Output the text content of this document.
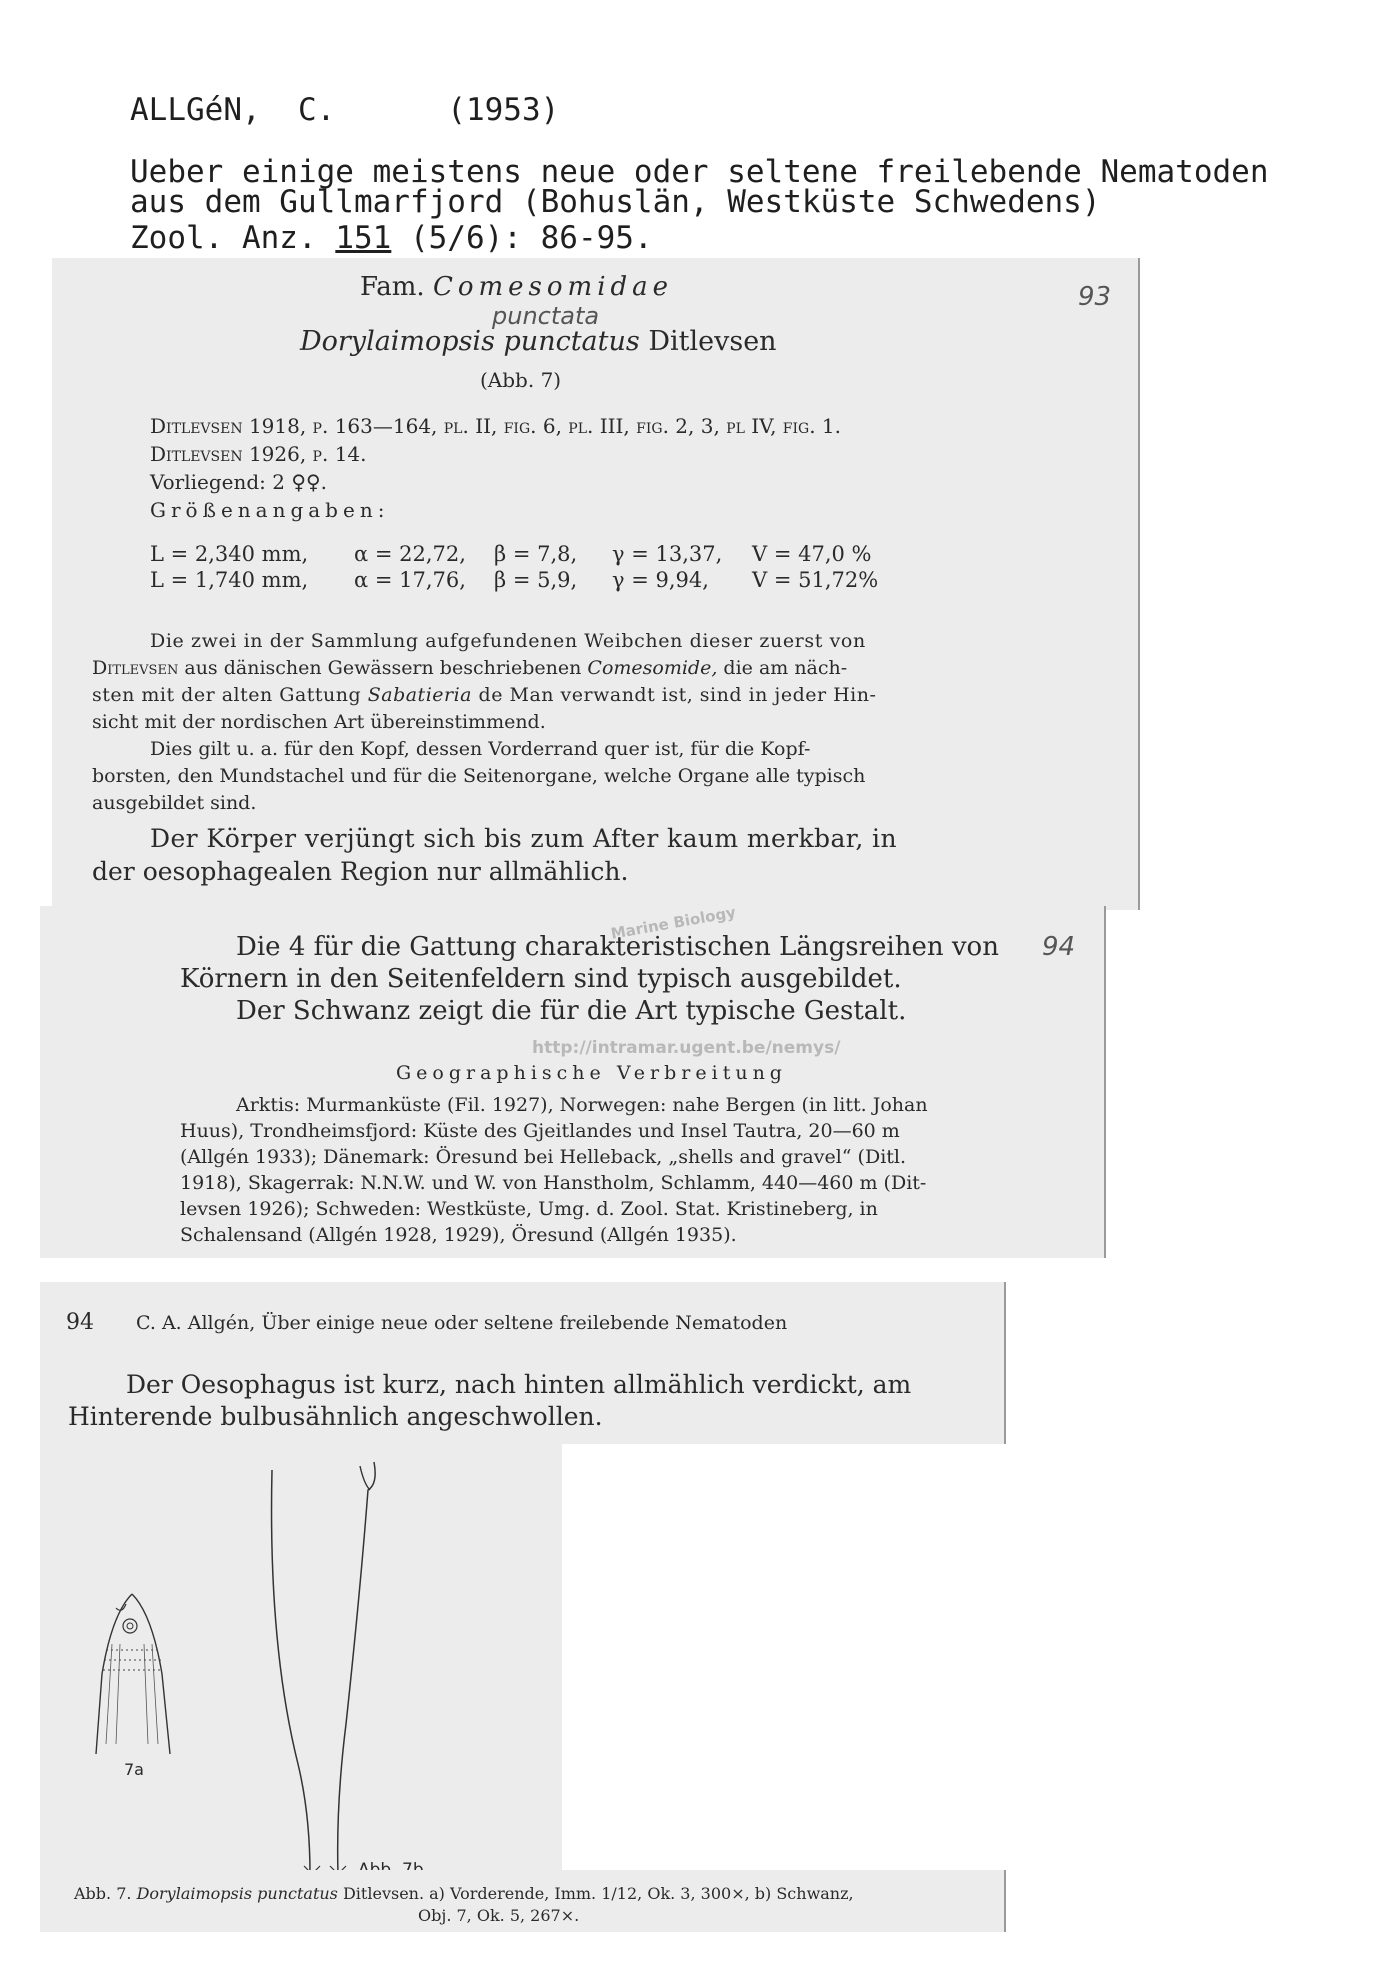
ALLGéN,  C.	(1953)
Ueber einige meistens neue oder seltene freilebende Nematoden
aus dem Gullmarfjord (Bohuslän, Westküste Schwedens)
Zool. Anz. 151 (5/6): 86-95.
Fam. Comesomidae
punctata
93
Dorylaimopsis punctatus Ditlevsen
(Abb. 7)
Ditlevsen 1918, p. 163—164, pl. II, fig. 6, pl. III, fig. 2, 3, pl IV, fig. 1.
Ditlevsen 1926, p. 14.
Vorliegend: 2 ♀♀.
Größenangaben:
L = 2,340 mm, α = 22,72, β = 7,8, γ = 13,37, V = 47,0 %
L = 1,740 mm, α = 17,76, β = 5,9, γ = 9,94, V = 51,72%
Die zwei in der Sammlung aufgefundenen Weibchen dieser zuerst von
Ditlevsen aus dänischen Gewässern beschriebenen Comesomide, die am näch-
sten mit der alten Gattung Sabatieria de Man verwandt ist, sind in jeder Hin-
sicht mit der nordischen Art übereinstimmend.
Dies gilt u. a. für den Kopf, dessen Vorderrand quer ist, für die Kopf-
borsten, den Mundstachel und für die Seitenorgane, welche Organe alle typisch
ausgebildet sind.
Der Körper verjüngt sich bis zum After kaum merkbar, in
der oesophagealen Region nur allmählich.
Marine Biology
Die 4 für die Gattung charakteristischen Längsreihen von 94
Körnern in den Seitenfeldern sind typisch ausgebildet.
Der Schwanz zeigt die für die Art typische Gestalt.
http://intramar.ugent.be/nemys/
Geographische Verbreitung
Arktis: Murmanküste (Fil. 1927), Norwegen: nahe Bergen (in litt. Johan
Huus), Trondheimsfjord: Küste des Gjeitlandes und Insel Tautra, 20—60 m
(Allgén 1933); Dänemark: Öresund bei Helleback, „shells and gravel“ (Ditl.
1918), Skagerrak: N.N.W. und W. von Hanstholm, Schlamm, 440—460 m (Dit-
levsen 1926); Schweden: Westküste, Umg. d. Zool. Stat. Kristineberg, in
Schalensand (Allgén 1928, 1929), Öresund (Allgén 1935).
94 C. A. Allgén, Über einige neue oder seltene freilebende Nematoden
Der Oesophagus ist kurz, nach hinten allmählich verdickt, am
Hinterende bulbusähnlich angeschwollen.
7a
Abb. 7. Dorylaimopsis punctatus Ditlevsen. a) Vorderende, Imm. 1/12, Ok. 3, 300×, b) Schwanz,
Obj. 7, Ok. 5, 267×.
